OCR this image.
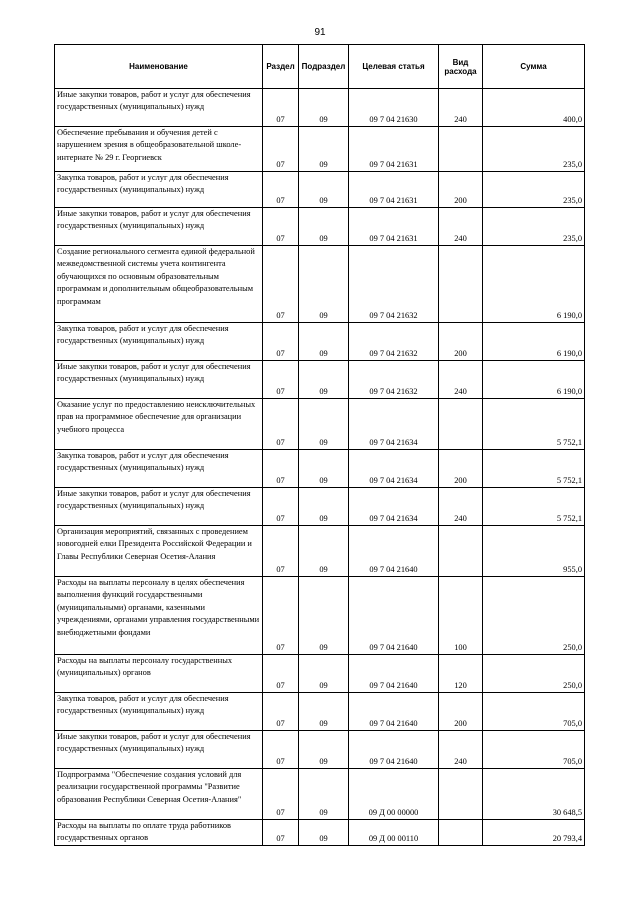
91
Наименование	Раздел	Подраздел	Целевая статья	Вид расхода	Сумма
Иные закупки товаров, работ и услуг для обеспечения государственных (муниципальных) нужд	07	09	09 7 04 21630	240	400,0
Обеспечение пребывания и обучения детей с нарушением зрения в общеобразовательной школе-интернате № 29 г. Георгиевск	07	09	09 7 04 21631		235,0
Закупка товаров, работ и услуг для обеспечения государственных (муниципальных) нужд	07	09	09 7 04 21631	200	235,0
Иные закупки товаров, работ и услуг для обеспечения государственных (муниципальных) нужд	07	09	09 7 04 21631	240	235,0
Создание регионального сегмента единой федеральной межведомственной системы учета контингента обучающихся по основным образовательным программам и дополнительным общеобразовательным программам	07	09	09 7 04 21632		6 190,0
Закупка товаров, работ и услуг для обеспечения государственных (муниципальных) нужд	07	09	09 7 04 21632	200	6 190,0
Иные закупки товаров, работ и услуг для обеспечения государственных (муниципальных) нужд	07	09	09 7 04 21632	240	6 190,0
Оказание услуг по предоставлению неисключительных прав на программное обеспечение для организации учебного процесса	07	09	09 7 04 21634		5 752,1
Закупка товаров, работ и услуг для обеспечения государственных (муниципальных) нужд	07	09	09 7 04 21634	200	5 752,1
Иные закупки товаров, работ и услуг для обеспечения государственных (муниципальных) нужд	07	09	09 7 04 21634	240	5 752,1
Организация мероприятий, связанных с проведением новогодней елки Президента Российской Федерации и Главы Республики Северная Осетия-Алания	07	09	09 7 04 21640		955,0
Расходы на выплаты персоналу в целях обеспечения выполнения функций государственными (муниципальными) органами, казенными учреждениями, органами управления государственными внебюджетными фондами	07	09	09 7 04 21640	100	250,0
Расходы на выплаты персоналу государственных (муниципальных) органов	07	09	09 7 04 21640	120	250,0
Закупка товаров, работ и услуг для обеспечения государственных (муниципальных) нужд	07	09	09 7 04 21640	200	705,0
Иные закупки товаров, работ и услуг для обеспечения государственных (муниципальных) нужд	07	09	09 7 04 21640	240	705,0
Подпрограмма "Обеспечение создания условий для реализации государственной программы "Развитие образования Республики Северная Осетия-Алания"	07	09	09 Д 00 00000		30 648,5
Расходы на выплаты по оплате труда работников государственных органов	07	09	09 Д 00 00110		20 793,4
